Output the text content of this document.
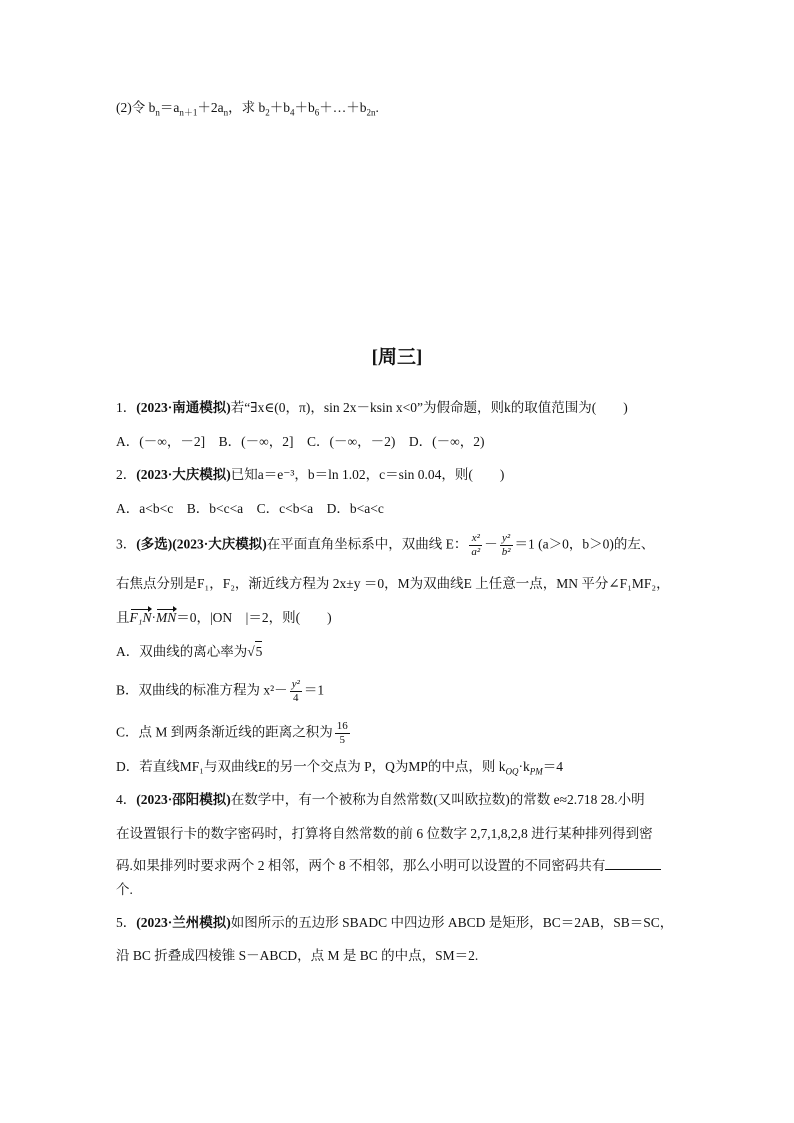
(2)令 $b_n=a_{n+1}+2a_n$，求 $b_2+b_4+b_6+\dots+b_{2n}$.
[周三]
1．(2023·南通模拟)若“∃x∈(0，π)，sin 2x－ksin x<0”为假命题，则k的取值范围为(　　)
A．(－∞，－2]　B．(－∞，2]　C．(－∞，－2)　D．(－∞，2)
2．(2023·大庆模拟)已知a＝e⁻³，b＝ln 1.02，c＝sin 0.04，则(　　)
A．a<b<c　B．b<c<a　C．c<b<a　D．b<a<c
3．(多选)(2023·大庆模拟)在平面直角坐标系中，双曲线 E： $\frac{\text{x²}}{\text{a²}} - \frac{\text{y²}}{\text{b²}} =1$ (a＞0，b＞0)的左、
右焦点分别是F₁，F₂，渐近线方程为 2x±y ＝0，M为双曲线E 上任意一点，MN 平分∠F₁MF₂，
且F₁N·MN＝0，|ON　|＝2，则(　　)
A．双曲线的离心率为√5
B．双曲线的标准方程为 $x^2- \frac{\text{y²}}{4} =1$
C．点 M 到两条渐近线的距离之积为 $\frac{16}{5}$
D．若直线MF₁与双曲线E的另一个交点为 P，Q为MP的中点，则 $k_{OQ}\cdot k_{PM}=4$
4．(2023·邵阳模拟)在数学中，有一个被称为自然常数(又叫欧拉数)的常数 e≈2.718 28.小明
在设置银行卡的数字密码时，打算将自然常数的前 6 位数字 2,7,1,8,2,8 进行某种排列得到密
码.如果排列时要求两个 2 相邻，两个 8 不相邻，那么小明可以设置的不同密码共有
个.
5．(2023·兰州模拟)如图所示的五边形 SBADC 中四边形 ABCD 是矩形，BC＝2AB，SB＝SC，
沿 BC 折叠成四棱锥 S－ABCD，点 M 是 BC 的中点，SM＝2.
